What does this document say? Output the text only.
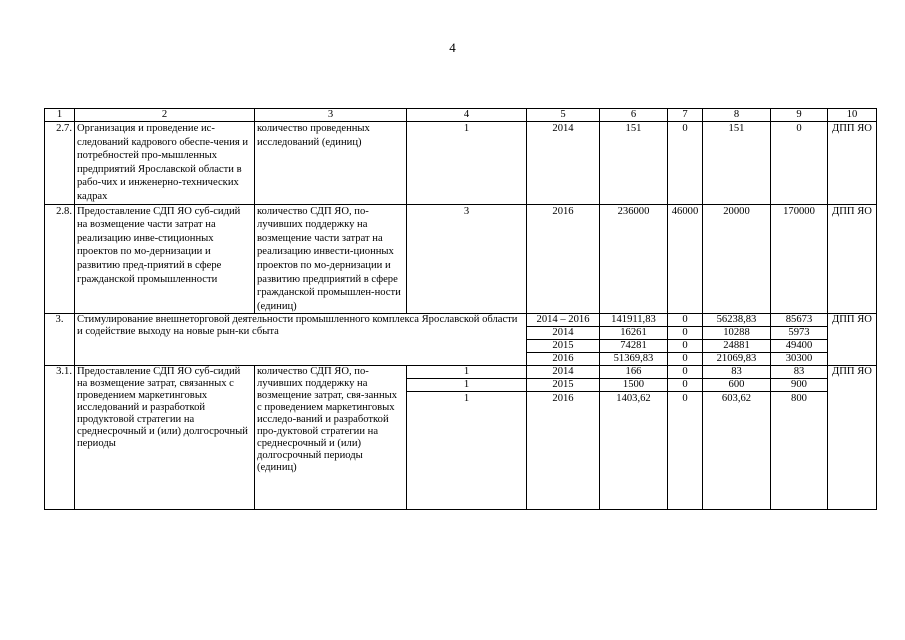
4
1	2	3	4	5	6	7	8	9	10
2.7.	Организация и проведение ис-следований кадрового обеспе-чения и потребностей про-мышленных предприятий Ярославской области в рабо-чих и инженерно-технических кадрах	количество проведенных исследований (единиц)	1	2014	151	0	151	0	ДПП ЯО
2.8.	Предоставление СДП ЯО суб-сидий на возмещение части затрат на реализацию инве-стиционных проектов по мо-дернизации и развитию пред-приятий в сфере гражданской промышленности	количество СДП ЯО, по-лучивших поддержку на возмещение части затрат на реализацию инвести-ционных проектов по мо-дернизации и развитию предприятий в сфере гражданской промышлен-ности (единиц)	3	2016	236000	46000	20000	170000	ДПП ЯО
3.	Стимулирование внешнеторговой деятельности промышленного комплекса Ярославской области и содействие выходу на новые рын-ки сбыта			2014 – 2016	141911,83	0	56238,83	85673	ДПП ЯО
				2014	16261	0	10288	5973	
				2015	74281	0	24881	49400	
				2016	51369,83	0	21069,83	30300	
3.1.	Предоставление СДП ЯО суб-сидий на возмещение затрат, связанных с проведением маркетинговых исследований и разработкой продуктовой стратегии на среднесрочный и (или) долгосрочный периоды	количество СДП ЯО, по-лучивших поддержку на возмещение затрат, свя-занных с проведением маркетинговых исследо-ваний и разработкой про-дуктовой стратегии на среднесрочный и (или) долгосрочный периоды (единиц)	1	2014	166	0	83	83	ДПП ЯО
			1	2015	1500	0	600	900	
			1	2016	1403,62	0	603,62	800	
